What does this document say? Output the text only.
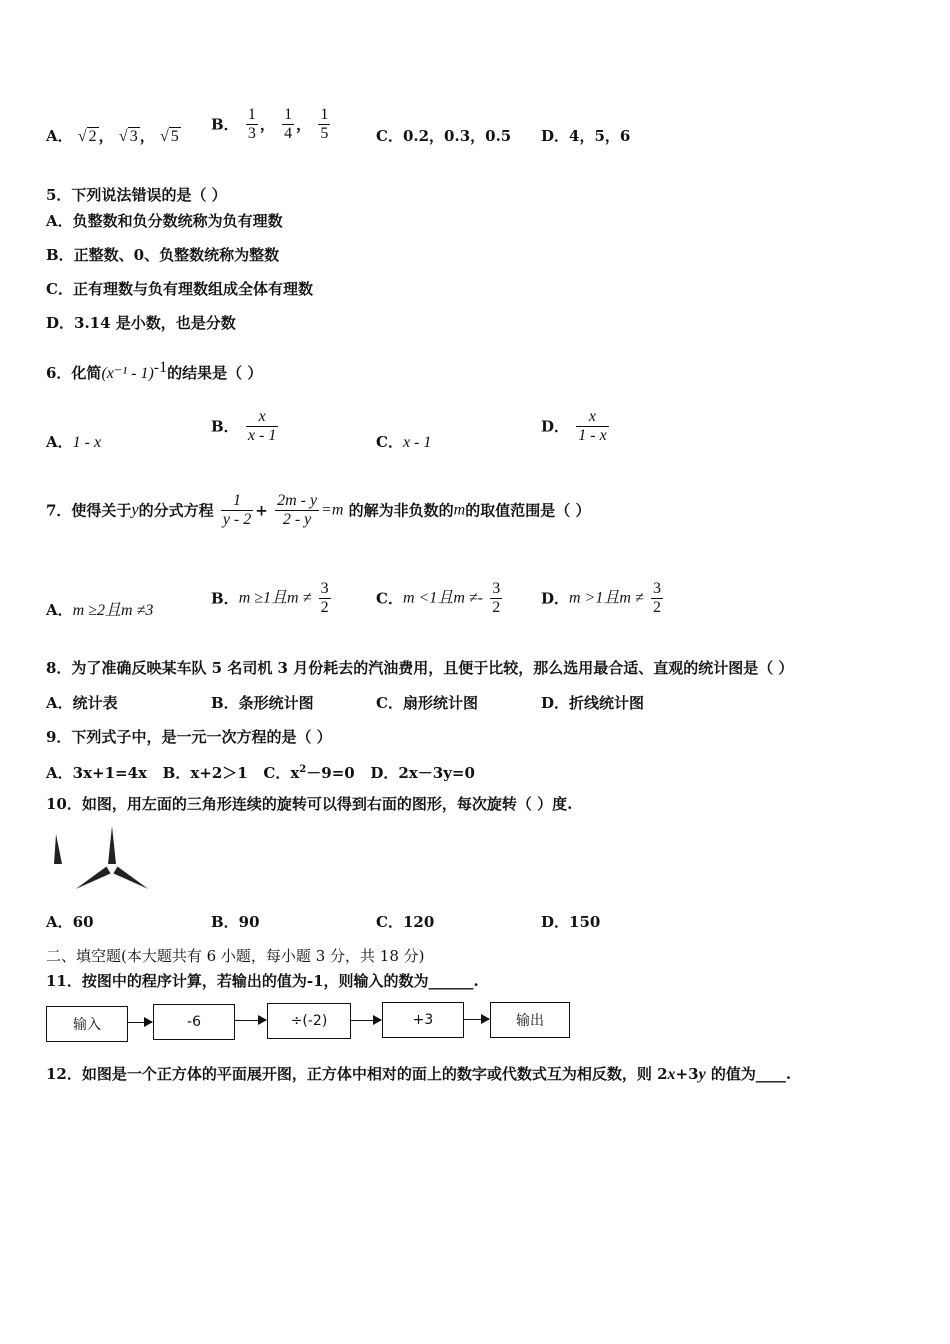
A． √ 2 ， √ 3 ， √ 5
B． $\frac{1}{3}$ ， $\frac{1}{4}$ ， $\frac{1}{5}$	C．0.2，0.3，0.5 D．4，5，6
5．下列说法错误的是（ ）
A．负整数和负分数统称为负有理数
B．正整数、0、负整数统称为整数
C．正有理数与负有理数组成全体有理数
D．3.14 是小数，也是分数
6．化简(x⁻¹ - 1)$^{-1}$的结果是（ ）
A．1 - x
B． $\frac{x}{x - 1}$	C．x - 1
D． $\frac{x}{1 - x}$
7．使得关于y的分式方程 $\frac{1}{y - 2} + \frac{2m - y}{2 - y} =m$ 的解为非负数的m的取值范围是（ ）
A．m ≥2且m ≠3
B．m ≥1且$m \ne \frac{3}{2}$	C．m <1且$m \ne- \frac{3}{2}$	D．m >1且$m \ne \frac{3}{2}$
8．为了准确反映某车队 5 名司机 3 月份耗去的汽油费用，且便于比较，那么选用最合适、直观的统计图是（ ）
A．统计表	B．条形统计图	C．扇形统计图	D．折线统计图
9．下列式子中，是一元一次方程的是（ ）
A．3x+1=4x B．x+2＞1 C．$x^2-9=0$ D．2x－3y=0
10．如图，用左面的三角形连续的旋转可以得到右面的图形，每次旋转（ ）度.
A．60	B．90	C．120	D．150
二、填空题(本大题共有 6 小题，每小题 3 分，共 18 分)
11．按图中的程序计算，若输出的值为-1，则输入的数为______.
输入	-6	÷(-2)	+3	输出
12．如图是一个正方体的平面展开图，正方体中相对的面上的数字或代数式互为相反数，则 2x+3y 的值为____.
